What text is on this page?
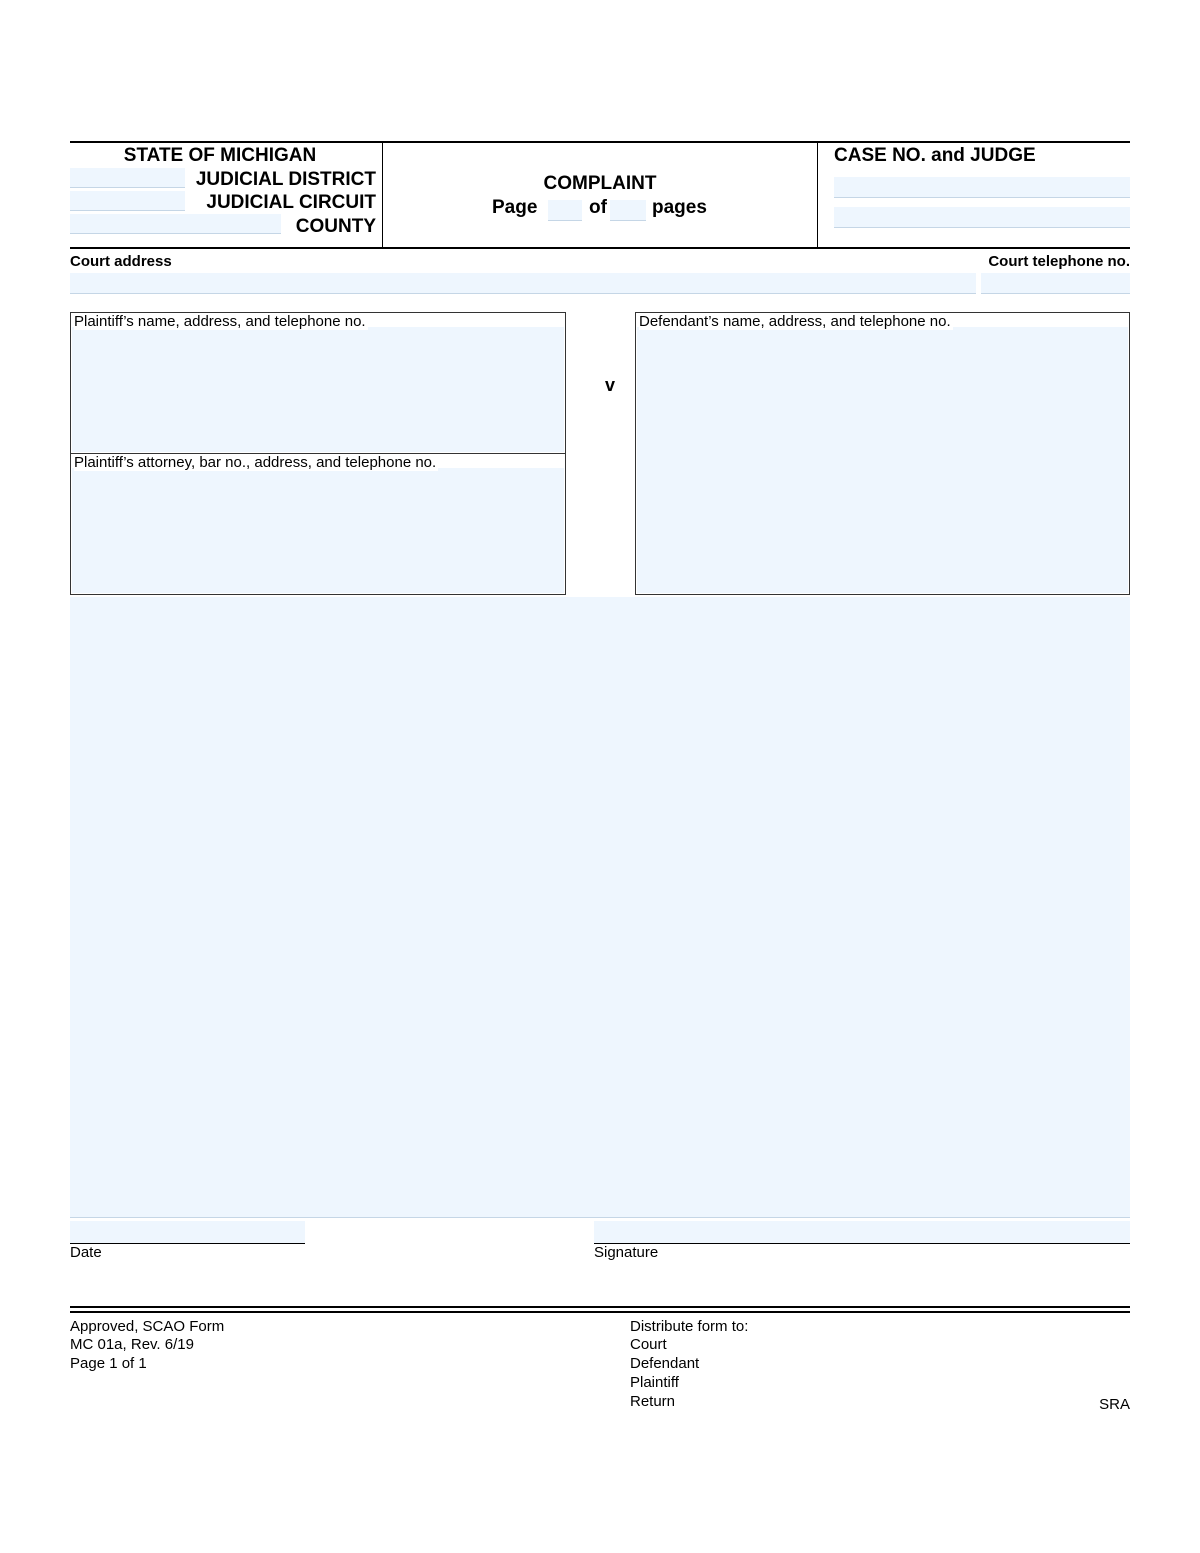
STATE OF MICHIGAN
JUDICIAL DISTRICT
JUDICIAL CIRCUIT
COUNTY
COMPLAINT
Page	of pages
CASE NO. and JUDGE
Court address	Court telephone no.
Plaintiff’s name, address, and telephone no.
Plaintiff’s attorney, bar no., address, and telephone no.
v
Defendant’s name, address, and telephone no.
Date	Signature
Approved, SCAO Form
MC 01a, Rev. 6/19
Page 1 of 1
Distribute form to:
Court
Defendant
Plaintiff
Return	SRA
